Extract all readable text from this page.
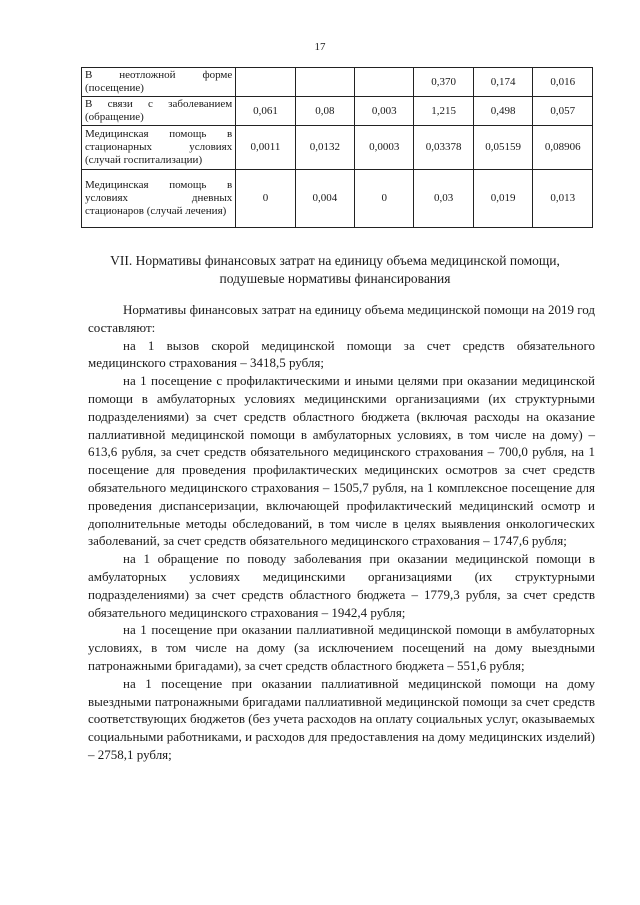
17
В неотложной форме (посещение)				0,370	0,174	0,016
В связи с заболеванием (обращение)	0,061	0,08	0,003	1,215	0,498	0,057
Медицинская помощь в стационарных условиях (случай госпитализации)	0,0011	0,0132	0,0003	0,03378	0,05159	0,08906
Медицинская помощь в условиях дневных стационаров (случай лечения)	0	0,004	0	0,03	0,019	0,013
VII. Нормативы финансовых затрат на единицу объема медицинской помощи, подушевые нормативы финансирования

Нормативы финансовых затрат на единицу объема медицинской помощи на 2019 год составляют:

на 1 вызов скорой медицинской помощи за счет средств обязательного медицинского страхования – 3418,5 рубля;

на 1 посещение с профилактическими и иными целями при оказании медицинской помощи в амбулаторных условиях медицинскими организациями (их структурными подразделениями) за счет средств областного бюджета (включая расходы на оказание паллиативной медицинской помощи в амбулаторных условиях, в том числе на дому) – 613,6 рубля, за счет средств обязательного медицинского страхования – 700,0 рубля, на 1 посещение для проведения профилактических медицинских осмотров за счет средств обязательного медицинского страхования – 1505,7 рубля, на 1 комплексное посещение для проведения диспансеризации, включающей профилактический медицинский осмотр и дополнительные методы обследований, в том числе в целях выявления онкологических заболеваний, за счет средств обязательного медицинского страхования – 1747,6 рубля;

на 1 обращение по поводу заболевания при оказании медицинской помощи в амбулаторных условиях медицинскими организациями (их структурными подразделениями) за счет средств областного бюджета – 1779,3 рубля, за счет средств обязательного медицинского страхования – 1942,4 рубля;

на 1 посещение при оказании паллиативной медицинской помощи в амбулаторных условиях, в том числе на дому (за исключением посещений на дому выездными патронажными бригадами), за счет средств областного бюджета – 551,6 рубля;

на 1 посещение при оказании паллиативной медицинской помощи на дому выездными патронажными бригадами паллиативной медицинской помощи за счет средств соответствующих бюджетов (без учета расходов на оплату социальных услуг, оказываемых социальными работниками, и расходов для предоставления на дому медицинских изделий) – 2758,1 рубля;
